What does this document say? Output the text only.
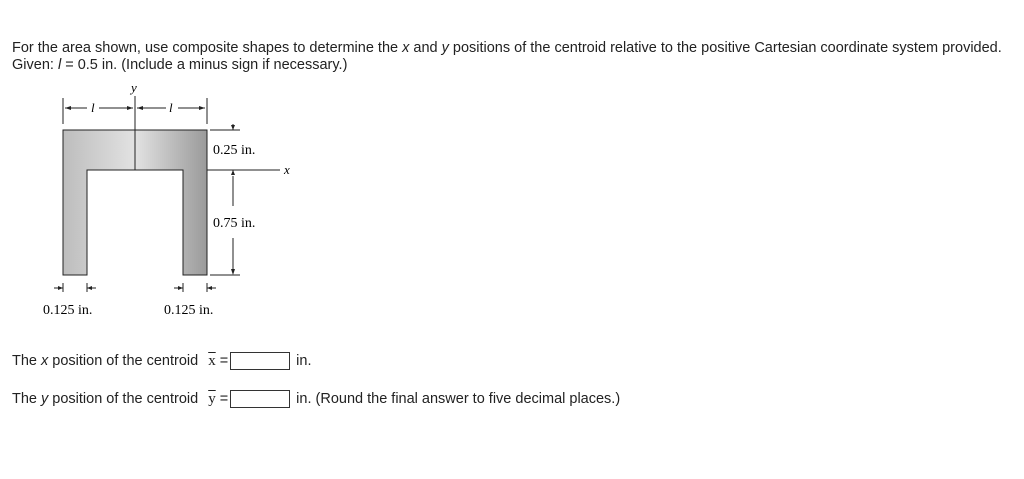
For the area shown, use composite shapes to determine the x and y positions of the centroid relative to the positive Cartesian coordinate system provided. Given: l = 0.5 in. (Include a minus sign if necessary.)

y
x
l	l
0.25 in.
0.75 in.
0.125 in.	0.125 in.
The x position of the centroid $\overline{x}$ =	in.
The y position of the centroid $\overline{y}$ =	in. (Round the final answer to five decimal places.)
